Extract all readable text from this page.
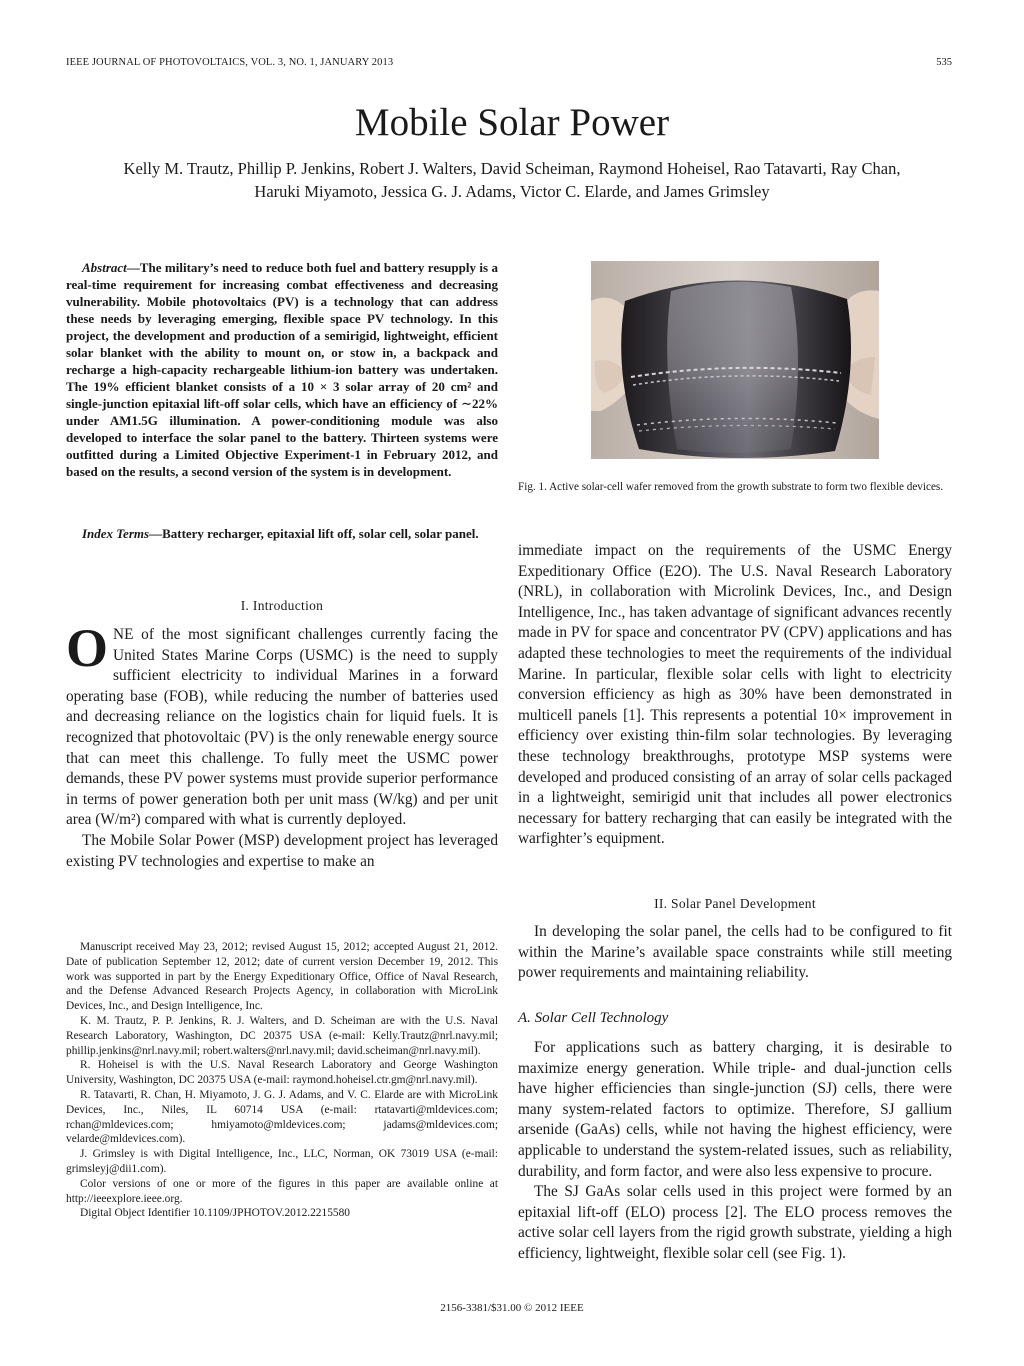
IEEE JOURNAL OF PHOTOVOLTAICS, VOL. 3, NO. 1, JANUARY 2013	535
Mobile Solar Power
Kelly M. Trautz, Phillip P. Jenkins, Robert J. Walters, David Scheiman, Raymond Hoheisel, Rao Tatavarti, Ray Chan,
Haruki Miyamoto, Jessica G. J. Adams, Victor C. Elarde, and James Grimsley

Abstract—The military’s need to reduce both fuel and battery resupply is a real-time requirement for increasing combat effectiveness and decreasing vulnerability. Mobile photovoltaics (PV) is a technology that can address these needs by leveraging emerging, flexible space PV technology. In this project, the development and production of a semirigid, lightweight, efficient solar blanket with the ability to mount on, or stow in, a backpack and recharge a high-capacity rechargeable lithium-ion battery was undertaken. The 19% efficient blanket consists of a 10 × 3 solar array of 20 cm² and single-junction epitaxial lift-off solar cells, which have an efficiency of ∼22% under AM1.5G illumination. A power-conditioning module was also developed to interface the solar panel to the battery. Thirteen systems were outfitted during a Limited Objective Experiment-1 in February 2012, and based on the results, a second version of the system is in development.

Index Terms—Battery recharger, epitaxial lift off, solar cell, solar panel.

I. Introduction

ONE of the most significant challenges currently facing the United States Marine Corps (USMC) is the need to supply sufficient electricity to individual Marines in a forward operating base (FOB), while reducing the number of batteries used and decreasing reliance on the logistics chain for liquid fuels. It is recognized that photovoltaic (PV) is the only renewable energy source that can meet this challenge. To fully meet the USMC power demands, these PV power systems must provide superior performance in terms of power generation both per unit mass (W/kg) and per unit area (W/m²) compared with what is currently deployed.

The Mobile Solar Power (MSP) development project has leveraged existing PV technologies and expertise to make an

Manuscript received May 23, 2012; revised August 15, 2012; accepted August 21, 2012. Date of publication September 12, 2012; date of current version December 19, 2012. This work was supported in part by the Energy Expeditionary Office, Office of Naval Research, and the Defense Advanced Research Projects Agency, in collaboration with MicroLink Devices, Inc., and Design Intelligence, Inc.

K. M. Trautz, P. P. Jenkins, R. J. Walters, and D. Scheiman are with the U.S. Naval Research Laboratory, Washington, DC 20375 USA (e-mail: Kelly.Trautz@nrl.navy.mil; phillip.jenkins@nrl.navy.mil; robert.walters@nrl.navy.mil; david.scheiman@nrl.navy.mil).

R. Hoheisel is with the U.S. Naval Research Laboratory and George Washington University, Washington, DC 20375 USA (e-mail: raymond.hoheisel.ctr.gm@nrl.navy.mil).

R. Tatavarti, R. Chan, H. Miyamoto, J. G. J. Adams, and V. C. Elarde are with MicroLink Devices, Inc., Niles, IL 60714 USA (e-mail: rtatavarti@mldevices.com; rchan@mldevices.com; hmiyamoto@mldevices.com; jadams@mldevices.com; velarde@mldevices.com).

J. Grimsley is with Digital Intelligence, Inc., LLC, Norman, OK 73019 USA (e-mail: grimsleyj@dii1.com).

Color versions of one or more of the figures in this paper are available online at http://ieeexplore.ieee.org.

Digital Object Identifier 10.1109/JPHOTOV.2012.2215580

Fig. 1. Active solar-cell wafer removed from the growth substrate to form two flexible devices.

immediate impact on the requirements of the USMC Energy Expeditionary Office (E2O). The U.S. Naval Research Laboratory (NRL), in collaboration with Microlink Devices, Inc., and Design Intelligence, Inc., has taken advantage of significant advances recently made in PV for space and concentrator PV (CPV) applications and has adapted these technologies to meet the requirements of the individual Marine. In particular, flexible solar cells with light to electricity conversion efficiency as high as 30% have been demonstrated in multicell panels [1]. This represents a potential 10× improvement in efficiency over existing thin-film solar technologies. By leveraging these technology breakthroughs, prototype MSP systems were developed and produced consisting of an array of solar cells packaged in a lightweight, semirigid unit that includes all power electronics necessary for battery recharging that can easily be integrated with the warfighter’s equipment.

II. Solar Panel Development

In developing the solar panel, the cells had to be configured to fit within the Marine’s available space constraints while still meeting power requirements and maintaining reliability.

A. Solar Cell Technology

For applications such as battery charging, it is desirable to maximize energy generation. While triple- and dual-junction cells have higher efficiencies than single-junction (SJ) cells, there were many system-related factors to optimize. Therefore, SJ gallium arsenide (GaAs) cells, while not having the highest efficiency, were applicable to understand the system-related issues, such as reliability, durability, and form factor, and were also less expensive to procure.

The SJ GaAs solar cells used in this project were formed by an epitaxial lift-off (ELO) process [2]. The ELO process removes the active solar cell layers from the rigid growth substrate, yielding a high efficiency, lightweight, flexible solar cell (see Fig. 1).

2156-3381/$31.00 © 2012 IEEE
